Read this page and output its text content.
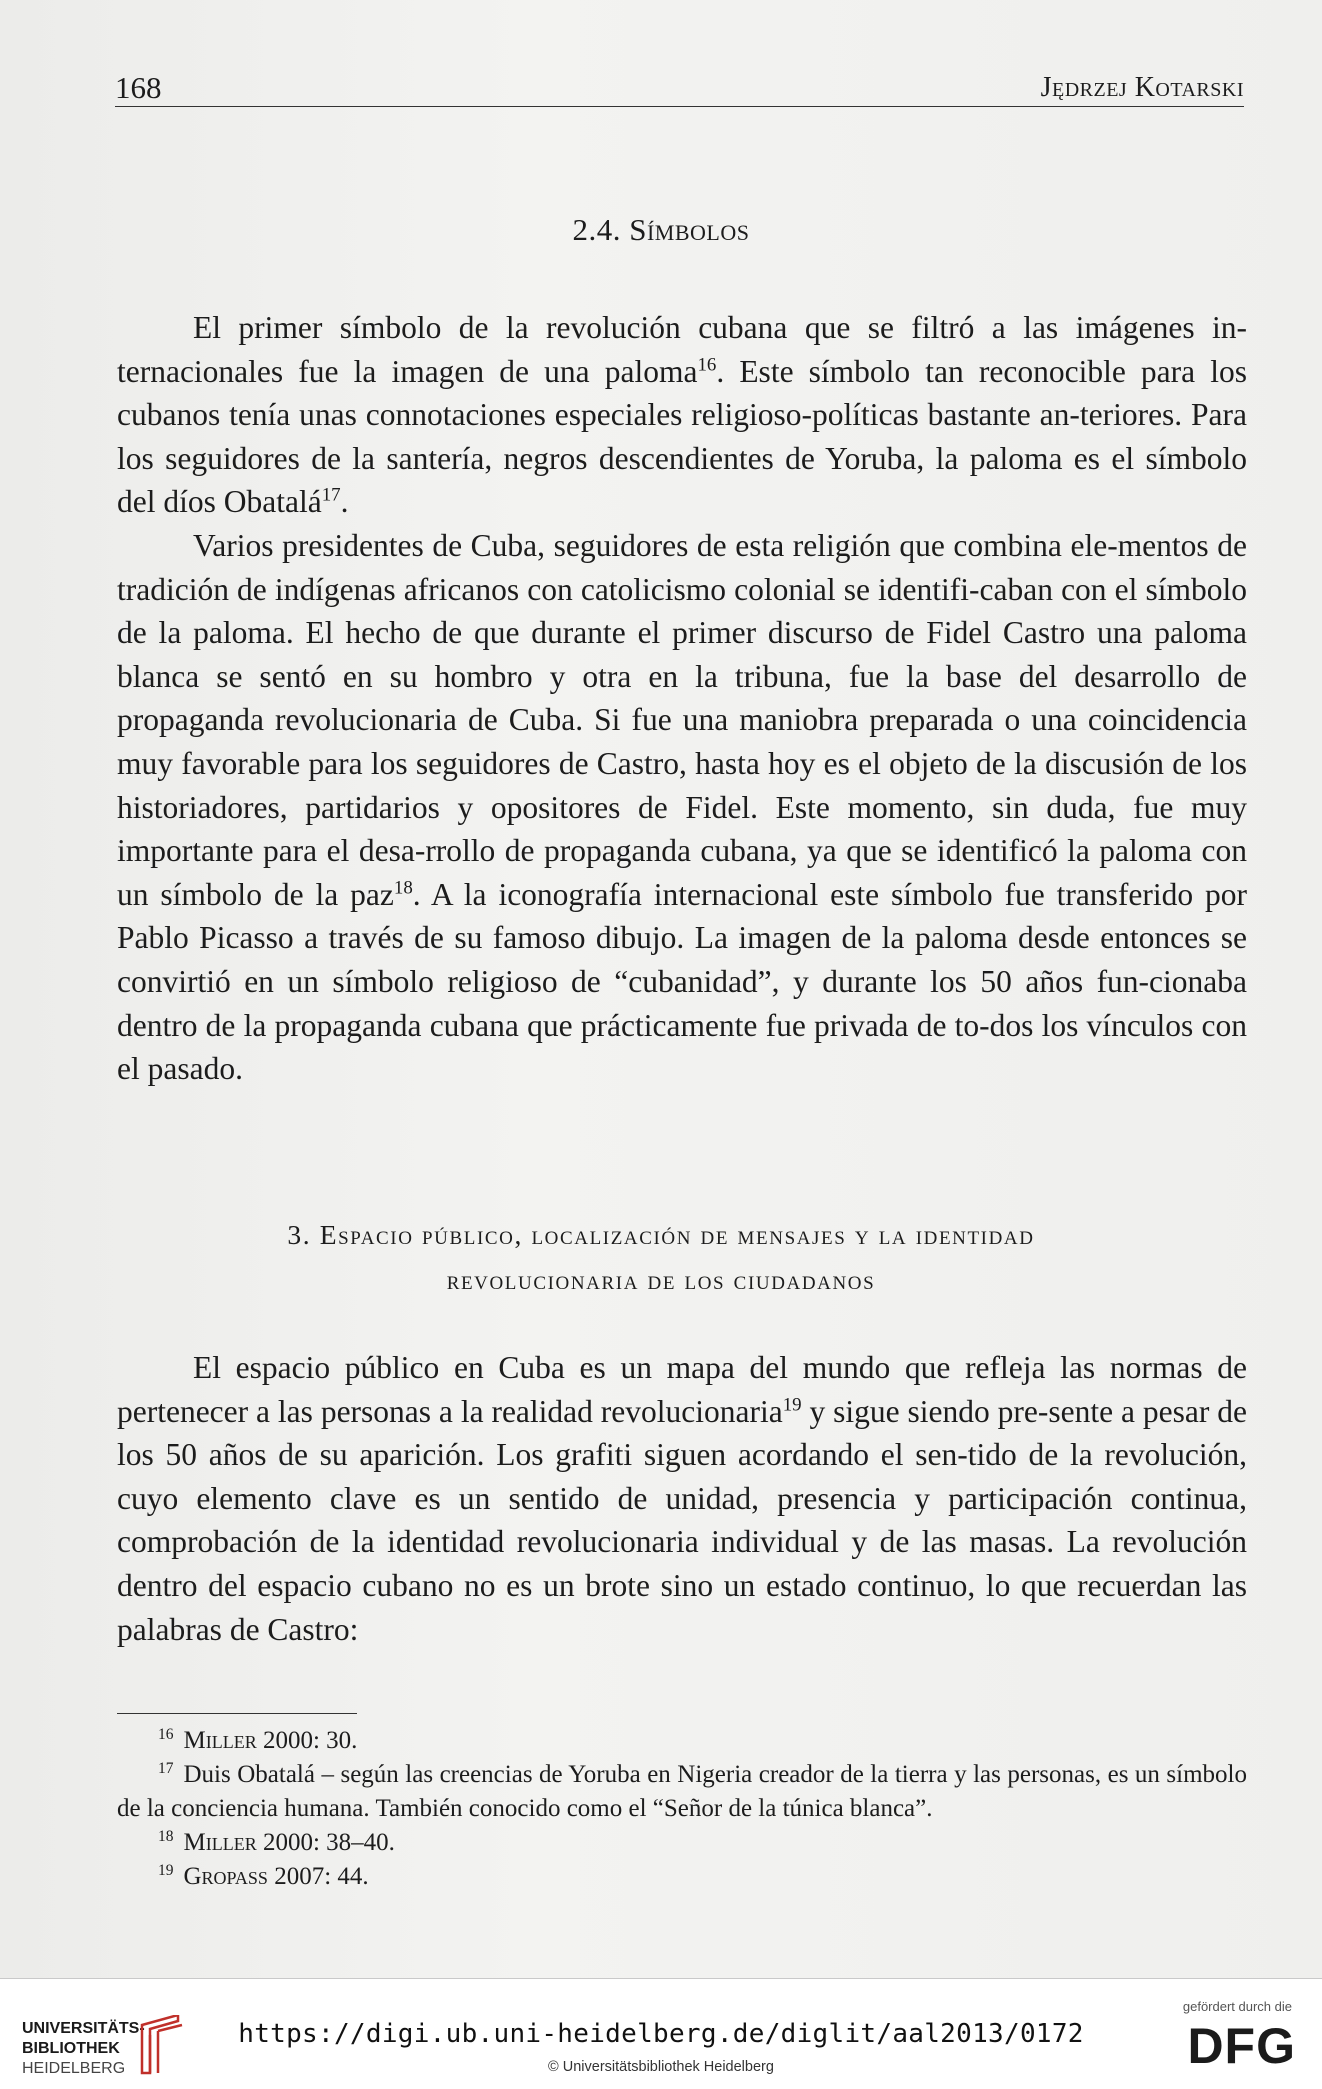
168	Jędrzej Kotarski
2.4. Símbolos

El primer símbolo de la revolución cubana que se filtró a las imágenes in-ternacionales fue la imagen de una paloma$^{16}$. Este símbolo tan reconocible para los cubanos tenía unas connotaciones especiales religioso-políticas bastante an-teriores. Para los seguidores de la santería, negros descendientes de Yoruba, la paloma es el símbolo del díos Obatalá$^{17}$.

Varios presidentes de Cuba, seguidores de esta religión que combina ele-mentos de tradición de indígenas africanos con catolicismo colonial se identifi-caban con el símbolo de la paloma. El hecho de que durante el primer discurso de Fidel Castro una paloma blanca se sentó en su hombro y otra en la tribuna, fue la base del desarrollo de propaganda revolucionaria de Cuba. Si fue una maniobra preparada o una coincidencia muy favorable para los seguidores de Castro, hasta hoy es el objeto de la discusión de los historiadores, partidarios y opositores de Fidel. Este momento, sin duda, fue muy importante para el desa-rrollo de propaganda cubana, ya que se identificó la paloma con un símbolo de la paz$^{18}$. A la iconografía internacional este símbolo fue transferido por Pablo Picasso a través de su famoso dibujo. La imagen de la paloma desde entonces se convirtió en un símbolo religioso de “cubanidad”, y durante los 50 años fun-cionaba dentro de la propaganda cubana que prácticamente fue privada de to-dos los vínculos con el pasado.

3. Espacio público, localización de mensajes y la identidad
revolucionaria de los ciudadanos

El espacio público en Cuba es un mapa del mundo que refleja las normas de pertenecer a las personas a la realidad revolucionaria$^{19}$ y sigue siendo pre-sente a pesar de los 50 años de su aparición. Los grafiti siguen acordando el sen-tido de la revolución, cuyo elemento clave es un sentido de unidad, presencia y participación continua, comprobación de la identidad revolucionaria individual y de las masas. La revolución dentro del espacio cubano no es un brote sino un estado continuo, lo que recuerdan las palabras de Castro:

$^{16}$ Miller 2000: 30.

$^{17}$ Duis Obatalá – según las creencias de Yoruba en Nigeria creador de la tierra y las personas, es un símbolo de la conciencia humana. También conocido como el “Señor de la túnica blanca”.

$^{18}$ Miller 2000: 38–40.

$^{19}$ Gropass 2007: 44.

UNIVERSITÄTS-
BIBLIOTHEK
HEIDELBERG
https://digi.ub.uni-heidelberg.de/diglit/aal2013/0172
© Universitätsbibliothek Heidelberg
gefördert durch die
DFG
